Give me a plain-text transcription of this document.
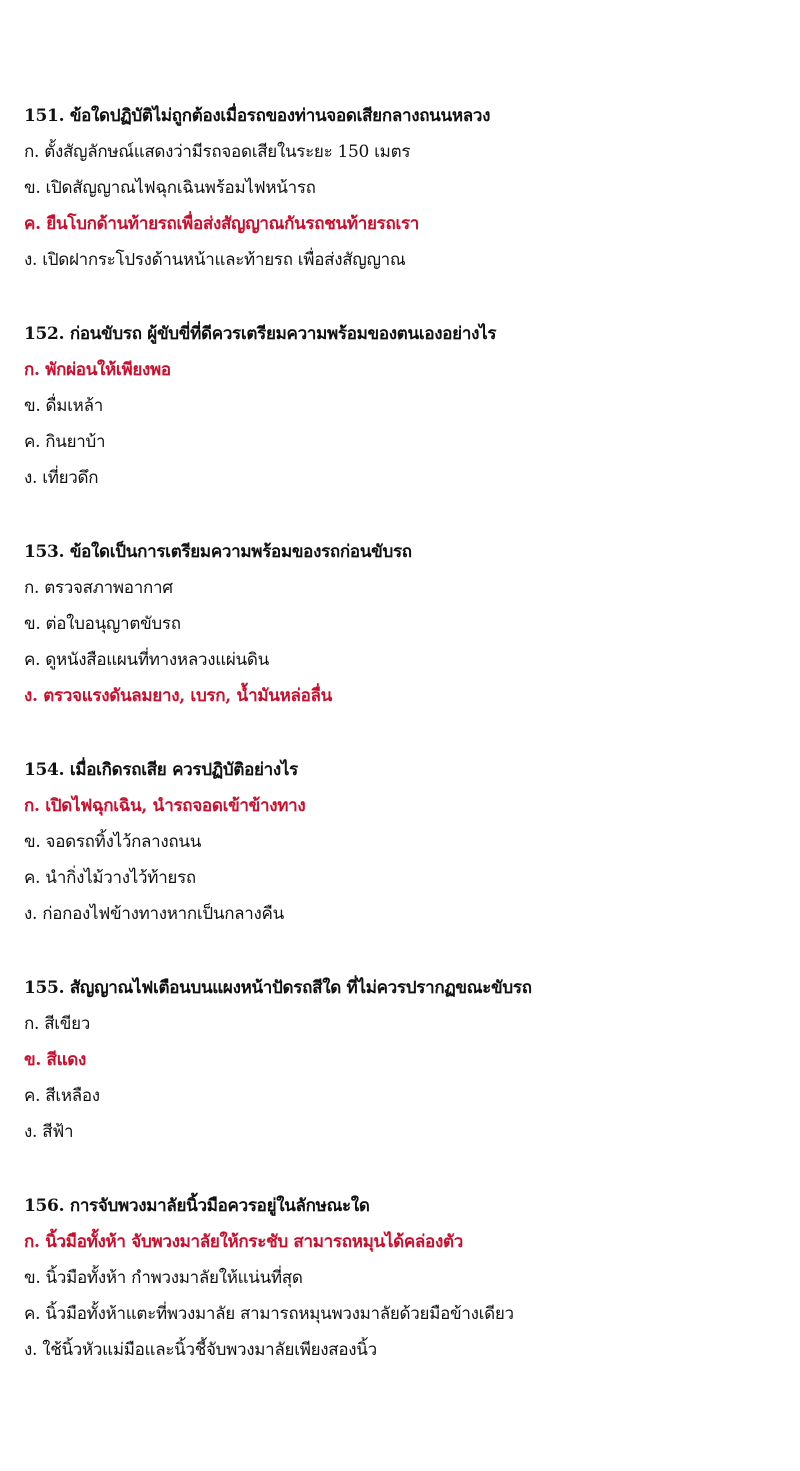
151. ข้อใดปฏิบัติไม่ถูกต้องเมื่อรถของท่านจอดเสียกลางถนนหลวง
ก. ตั้งสัญลักษณ์แสดงว่ามีรถจอดเสียในระยะ 150 เมตร
ข. เปิดสัญญาณไฟฉุกเฉินพร้อมไฟหน้ารถ
ค. ยืนโบกด้านท้ายรถเพื่อส่งสัญญาณกันรถชนท้ายรถเรา
ง. เปิดฝากระโปรงด้านหน้าและท้ายรถ เพื่อส่งสัญญาณ
152. ก่อนขับรถ ผู้ขับขี่ที่ดีควรเตรียมความพร้อมของตนเองอย่างไร
ก. พักผ่อนให้เพียงพอ
ข. ดื่มเหล้า
ค. กินยาบ้า
ง. เที่ยวดึก
153. ข้อใดเป็นการเตรียมความพร้อมของรถก่อนขับรถ
ก. ตรวจสภาพอากาศ
ข. ต่อใบอนุญาตขับรถ
ค. ดูหนังสือแผนที่ทางหลวงแผ่นดิน
ง. ตรวจแรงดันลมยาง, เบรก, น้ำมันหล่อลื่น
154. เมื่อเกิดรถเสีย ควรปฏิบัติอย่างไร
ก. เปิดไฟฉุกเฉิน, นำรถจอดเข้าข้างทาง
ข. จอดรถทิ้งไว้กลางถนน
ค. นำกิ่งไม้วางไว้ท้ายรถ
ง. ก่อกองไฟข้างทางหากเป็นกลางคืน
155. สัญญาณไฟเตือนบนแผงหน้าปัดรถสีใด ที่ไม่ควรปรากฏขณะขับรถ
ก. สีเขียว
ข. สีแดง
ค. สีเหลือง
ง. สีฟ้า
156. การจับพวงมาลัยนิ้วมือควรอยู่ในลักษณะใด
ก. นิ้วมือทั้งห้า จับพวงมาลัยให้กระชับ สามารถหมุนได้คล่องตัว
ข. นิ้วมือทั้งห้า กำพวงมาลัยให้แน่นที่สุด
ค. นิ้วมือทั้งห้าแตะที่พวงมาลัย สามารถหมุนพวงมาลัยด้วยมือข้างเดียว
ง. ใช้นิ้วหัวแม่มือและนิ้วชี้จับพวงมาลัยเพียงสองนิ้ว
